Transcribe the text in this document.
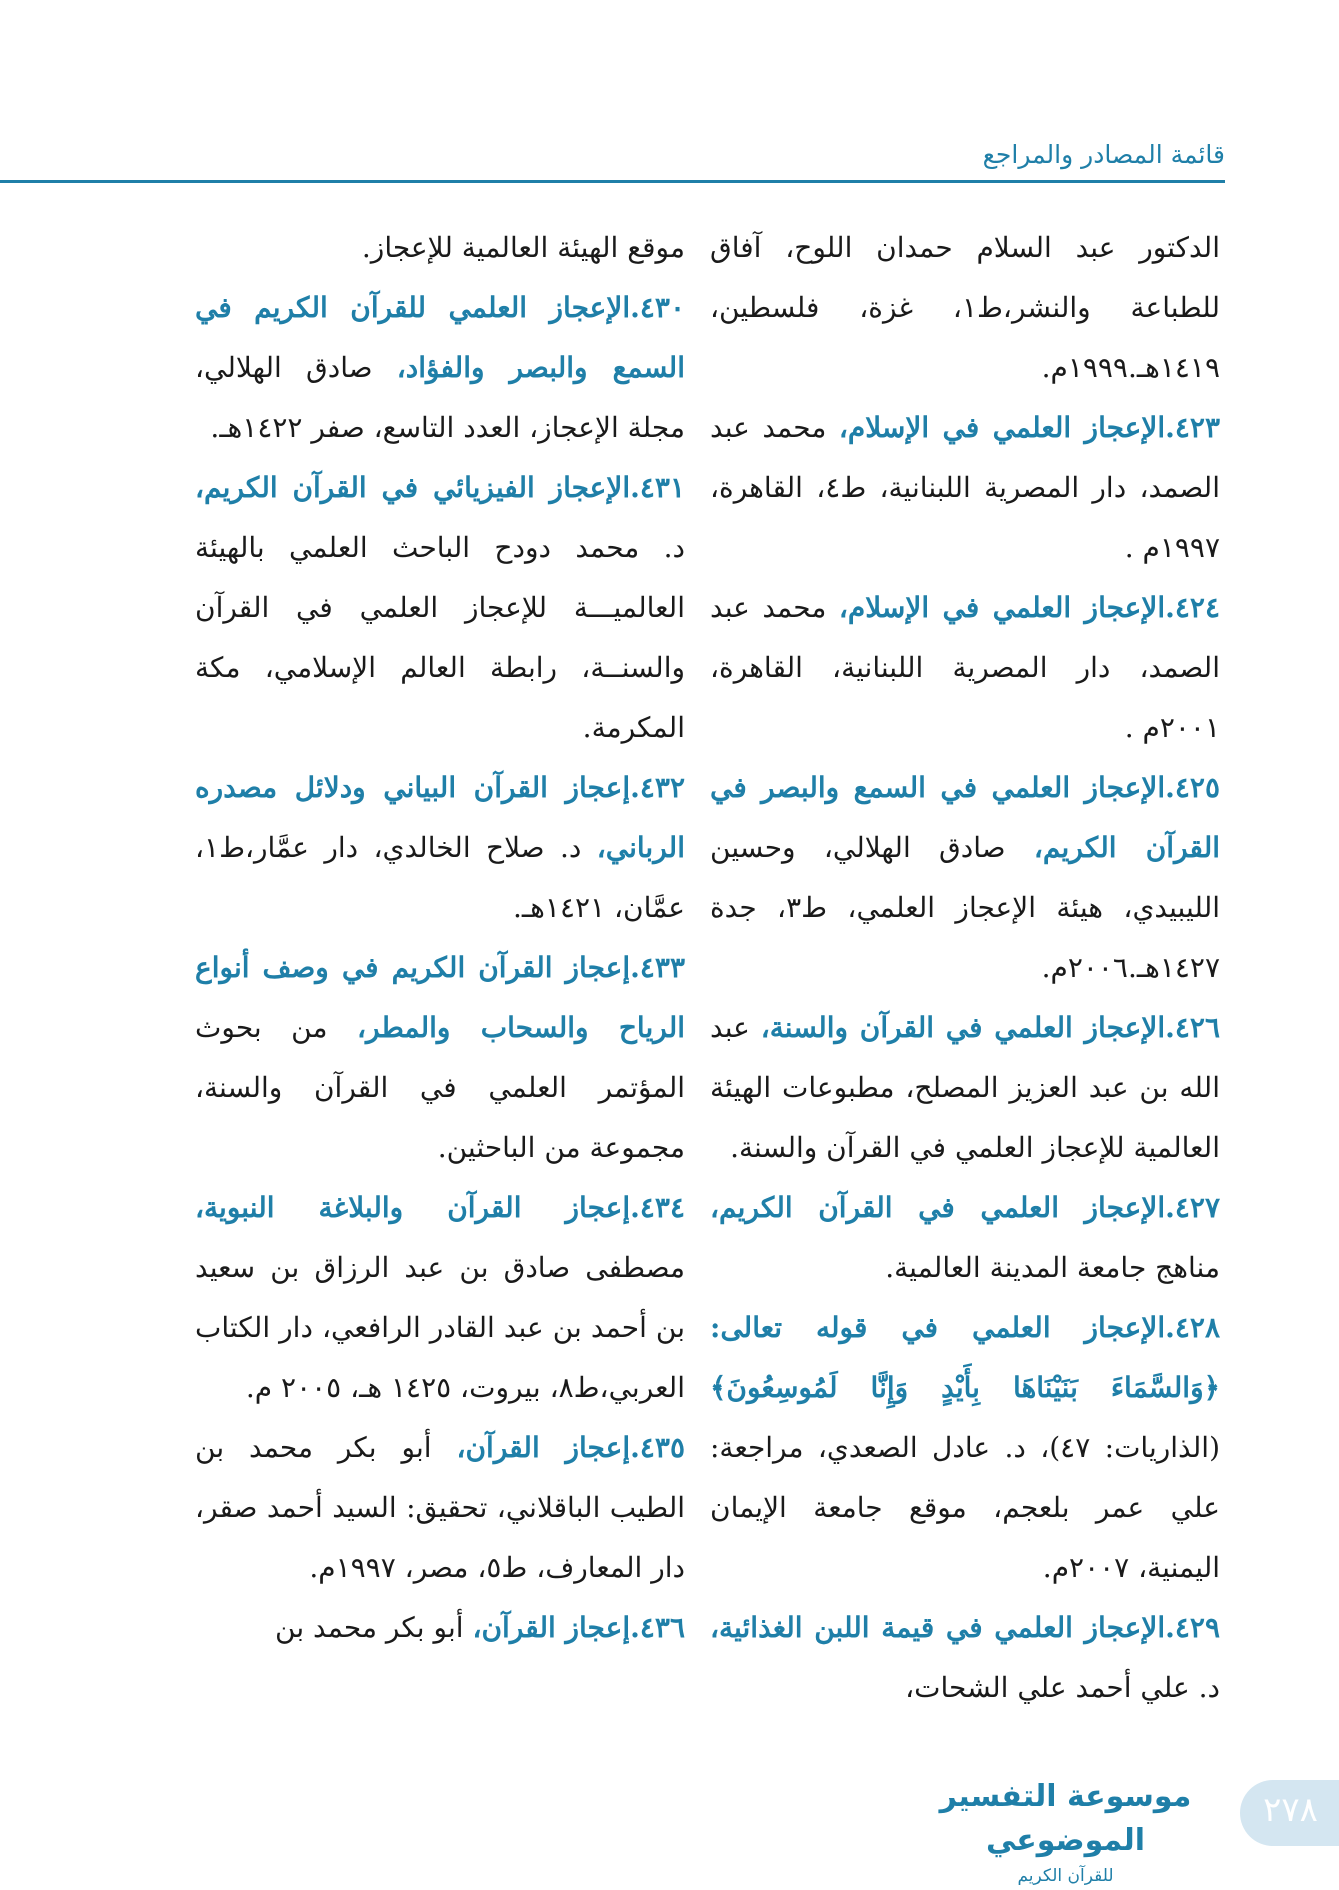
قائمة المصادر والمراجع

الدكتور عبد السلام حمدان اللوح، آفاق للطباعة والنشر،ط١، غزة، فلسطين، ١٤١٩هـ.١٩٩٩م.

٤٢٣.الإعجاز العلمي في الإسلام، محمد عبد الصمد، دار المصرية اللبنانية، ط٤، القاهرة، ١٩٩٧م .

٤٢٤.الإعجاز العلمي في الإسلام، محمد عبد الصمد، دار المصرية اللبنانية، القاهرة، ٢٠٠١م .

٤٢٥.الإعجاز العلمي في السمع والبصر في القرآن الكريم، صادق الهلالي، وحسين الليبيدي، هيئة الإعجاز العلمي، ط٣، جدة ١٤٢٧هـ.٢٠٠٦م.

٤٢٦.الإعجاز العلمي في القرآن والسنة، عبد الله بن عبد العزيز المصلح، مطبوعات الهيئة العالمية للإعجاز العلمي في القرآن والسنة.

٤٢٧.الإعجاز العلمي في القرآن الكريم، مناهج جامعة المدينة العالمية.

٤٢٨.الإعجاز العلمي في قوله تعالى: ﴿وَالسَّمَاءَ بَنَيْنَاهَا بِأَيْدٍ وَإِنَّا لَمُوسِعُونَ﴾ (الذاريات: ٤٧)، د. عادل الصعدي، مراجعة: علي عمر بلعجم، موقع جامعة الإيمان اليمنية، ٢٠٠٧م.

٤٢٩.الإعجاز العلمي في قيمة اللبن الغذائية، د. علي أحمد علي الشحات،

موقع الهيئة العالمية للإعجاز.

٤٣٠.الإعجاز العلمي للقرآن الكريم في السمع والبصر والفؤاد، صادق الهلالي، مجلة الإعجاز، العدد التاسع، صفر ١٤٢٢هـ.

٤٣١.الإعجاز الفيزيائي في القرآن الكريم، د. محمد دودح الباحث العلمي بالهيئة العالميـــة للإعجاز العلمي في القرآن والسنــة، رابطة العالم الإسلامي، مكة المكرمة.

٤٣٢.إعجاز القرآن البياني ودلائل مصدره الرباني، د. صلاح الخالدي، دار عمَّار،ط١، عمَّان، ١٤٢١هـ.

٤٣٣.إعجاز القرآن الكريم في وصف أنواع الرياح والسحاب والمطر، من بحوث المؤتمر العلمي في القرآن والسنة، مجموعة من الباحثين.

٤٣٤.إعجاز القرآن والبلاغة النبوية، مصطفى صادق بن عبد الرزاق بن سعيد بن أحمد بن عبد القادر الرافعي، دار الكتاب العربي،ط٨، بيروت، ١٤٢٥ هـ، ٢٠٠٥ م.

٤٣٥.إعجاز القرآن، أبو بكر محمد بن الطيب الباقلاني، تحقيق: السيد أحمد صقر، دار المعارف، ط٥، مصر، ١٩٩٧م.

٤٣٦.إعجاز القرآن، أبو بكر محمد بن

موسوعة التفسير الموضوعي
للقرآن الكريم
٢٧٨
